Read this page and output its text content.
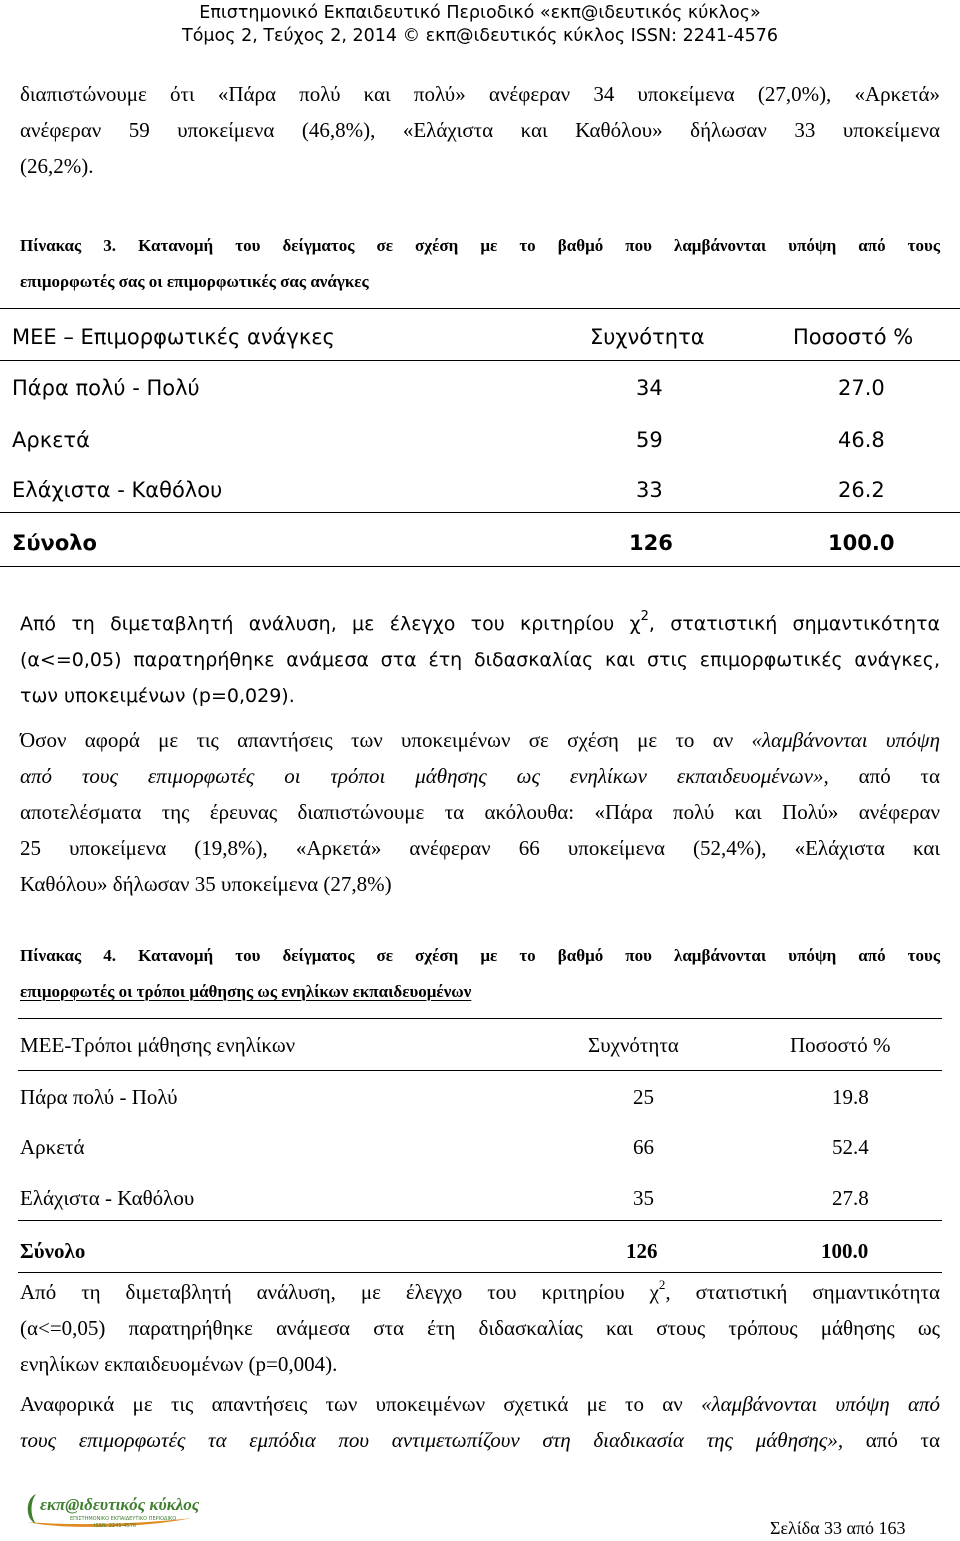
Επιστημονικό Εκπαιδευτικό Περιοδικό «εκπ@ιδευτικός κύκλος»
Τόμος 2, Τεύχος 2, 2014 © εκπ@ιδευτικός κύκλος ISSN: 2241-4576
διαπιστώνουμε ότι «Πάρα πολύ και πολύ» ανέφεραν 34 υποκείμενα (27,0%), «Αρκετά»
ανέφεραν 59 υποκείμενα (46,8%), «Ελάχιστα και Καθόλου» δήλωσαν 33 υποκείμενα
(26,2%).
Πίνακας 3. Κατανομή του δείγματος σε σχέση με το βαθμό που λαμβάνονται υπόψη από τους
επιμορφωτές σας οι επιμορφωτικές σας ανάγκες
ΜΕΕ – Επιμορφωτικές ανάγκες	Συχνότητα	Ποσοστό %
Πάρα πολύ - Πολύ	34	27.0
Αρκετά	59	46.8
Ελάχιστα - Καθόλου	33	26.2
Σύνολο	126	100.0
Από τη διμεταβλητή ανάλυση, με έλεγχο του κριτηρίου $\chi^2$, στατιστική σημαντικότητα
(α<=0,05) παρατηρήθηκε ανάμεσα στα έτη διδασκαλίας και στις επιμορφωτικές ανάγκες,
των υποκειμένων (p=0,029).
Όσον αφορά με τις απαντήσεις των υποκειμένων σε σχέση με το αν «λαμβάνονται υπόψη
από τους επιμορφωτές οι τρόποι μάθησης ως ενηλίκων εκπαιδευομένων», από τα
αποτελέσματα της έρευνας διαπιστώνουμε τα ακόλουθα: «Πάρα πολύ και Πολύ» ανέφεραν
25 υποκείμενα (19,8%), «Αρκετά» ανέφεραν 66 υποκείμενα (52,4%), «Ελάχιστα και
Καθόλου» δήλωσαν 35 υποκείμενα (27,8%)
Πίνακας 4. Κατανομή του δείγματος σε σχέση με το βαθμό που λαμβάνονται υπόψη από τους
επιμορφωτές οι τρόποι μάθησης ως ενηλίκων εκπαιδευομένων
ΜΕΕ-Τρόποι μάθησης ενηλίκων	Συχνότητα	Ποσοστό %
Πάρα πολύ - Πολύ	25	19.8
Αρκετά	66	52.4
Ελάχιστα - Καθόλου	35	27.8
Σύνολο	126	100.0
Από τη διμεταβλητή ανάλυση, με έλεγχο του κριτηρίου $\chi^2$, στατιστική σημαντικότητα
(α<=0,05) παρατηρήθηκε ανάμεσα στα έτη διδασκαλίας και στους τρόπους μάθησης ως
ενηλίκων εκπαιδευομένων (p=0,004).
Αναφορικά με τις απαντήσεις των υποκειμένων σχετικά με το αν «λαμβάνονται υπόψη από
τους επιμορφωτές τα εμπόδια που αντιμετωπίζουν στη διαδικασία της μάθησης», από τα
εκπ@ιδευτικός κύκλος
ΕΠΙΣΤΗΜΟΝΙΚΟ ΕΚΠΑΙΔΕΥΤΙΚΟ ΠΕΡΙΟΔΙΚΟ
ISSN: 2241-4576	Σελίδα 33 από 163
